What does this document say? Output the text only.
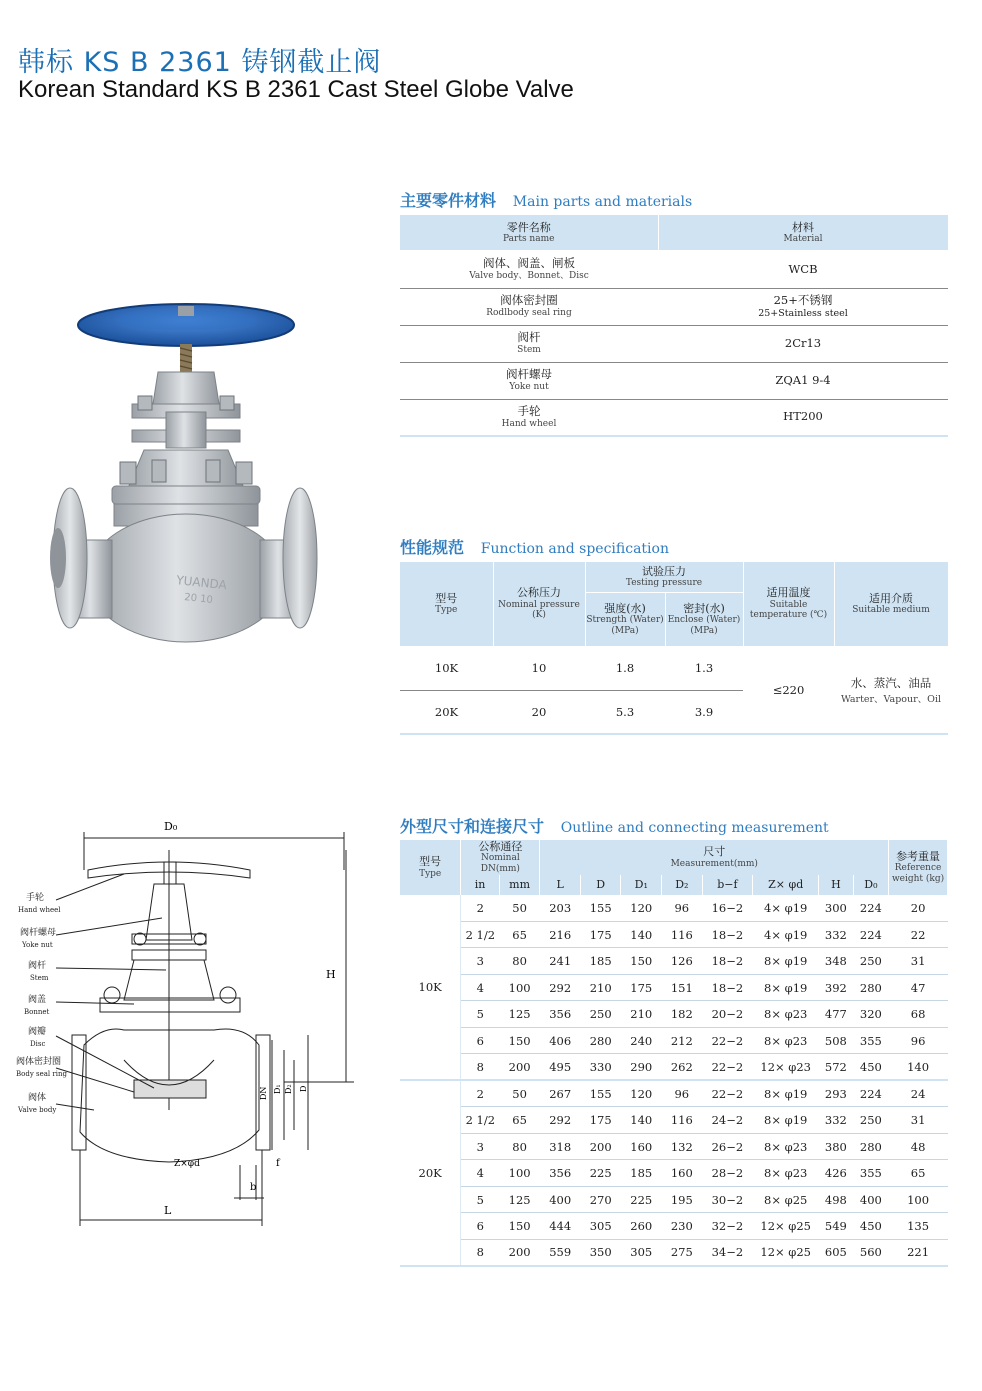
韩标 KS B 2361 铸钢截止阀
Korean Standard KS B 2361 Cast Steel Globe Valve
YUANDA
20 10
主要零件材料 Main parts and materials
零件名称
Parts name	材料
Material

阀体、阀盖、闸板
Valve body、Bonnet、Disc	WCB
阀体密封圈
Rodlbody seal ring	25+不锈钢
25+Stainless steel

阀杆
Stem	2Cr13
阀杆螺母
Yoke nut	ZQA1 9-4
手轮
Hand wheel	HT200
性能规范 Function and specification
型号
Type	公称压力
Nominal pressure
(K)	试验压力
Testing pressure		适用温度
Suitable
temperature (℃)	适用介质
Suitable medium

		强度(水)
Strength (Water)
(MPa)	密封(水)
Enclose (Water)
(MPa)		

10K	10	1.8	1.3	≤220	水、蒸汽、油品
Warter、Vapour、Oil

20K	20	5.3	3.9		
D₀
H
L
b
f
Z×φd
DN D₁ D₂ D
手轮
Hand wheel
阀杆螺母
Yoke nut
阀杆
Stem
阀盖
Bonnet
阀瓣
Disc
阀体密封圈
Body seal ring
阀体
Valve body
外型尺寸和连接尺寸 Outline and connecting measurement
型号
Type	公称通径
Nominal DN(mm)		尺寸
Measurement(mm)								参考重量
Reference
weight (kg)

	in	mm	L	D	D₁	D₂	b−f	Z× φd	H	D₀	
10K	2	50	203	155	120	96	16−2	4× φ19	300	224	20
	2 1/2	65	216	175	140	116	18−2	4× φ19	332	224	22
	3	80	241	185	150	126	18−2	8× φ19	348	250	31
	4	100	292	210	175	151	18−2	8× φ19	392	280	47
	5	125	356	250	210	182	20−2	8× φ23	477	320	68
	6	150	406	280	240	212	22−2	8× φ23	508	355	96
	8	200	495	330	290	262	22−2	12× φ23	572	450	140
20K	2	50	267	155	120	96	22−2	8× φ19	293	224	24
	2 1/2	65	292	175	140	116	24−2	8× φ19	332	250	31
	3	80	318	200	160	132	26−2	8× φ23	380	280	48
	4	100	356	225	185	160	28−2	8× φ23	426	355	65
	5	125	400	270	225	195	30−2	8× φ25	498	400	100
	6	150	444	305	260	230	32−2	12× φ25	549	450	135
	8	200	559	350	305	275	34−2	12× φ25	605	560	221
